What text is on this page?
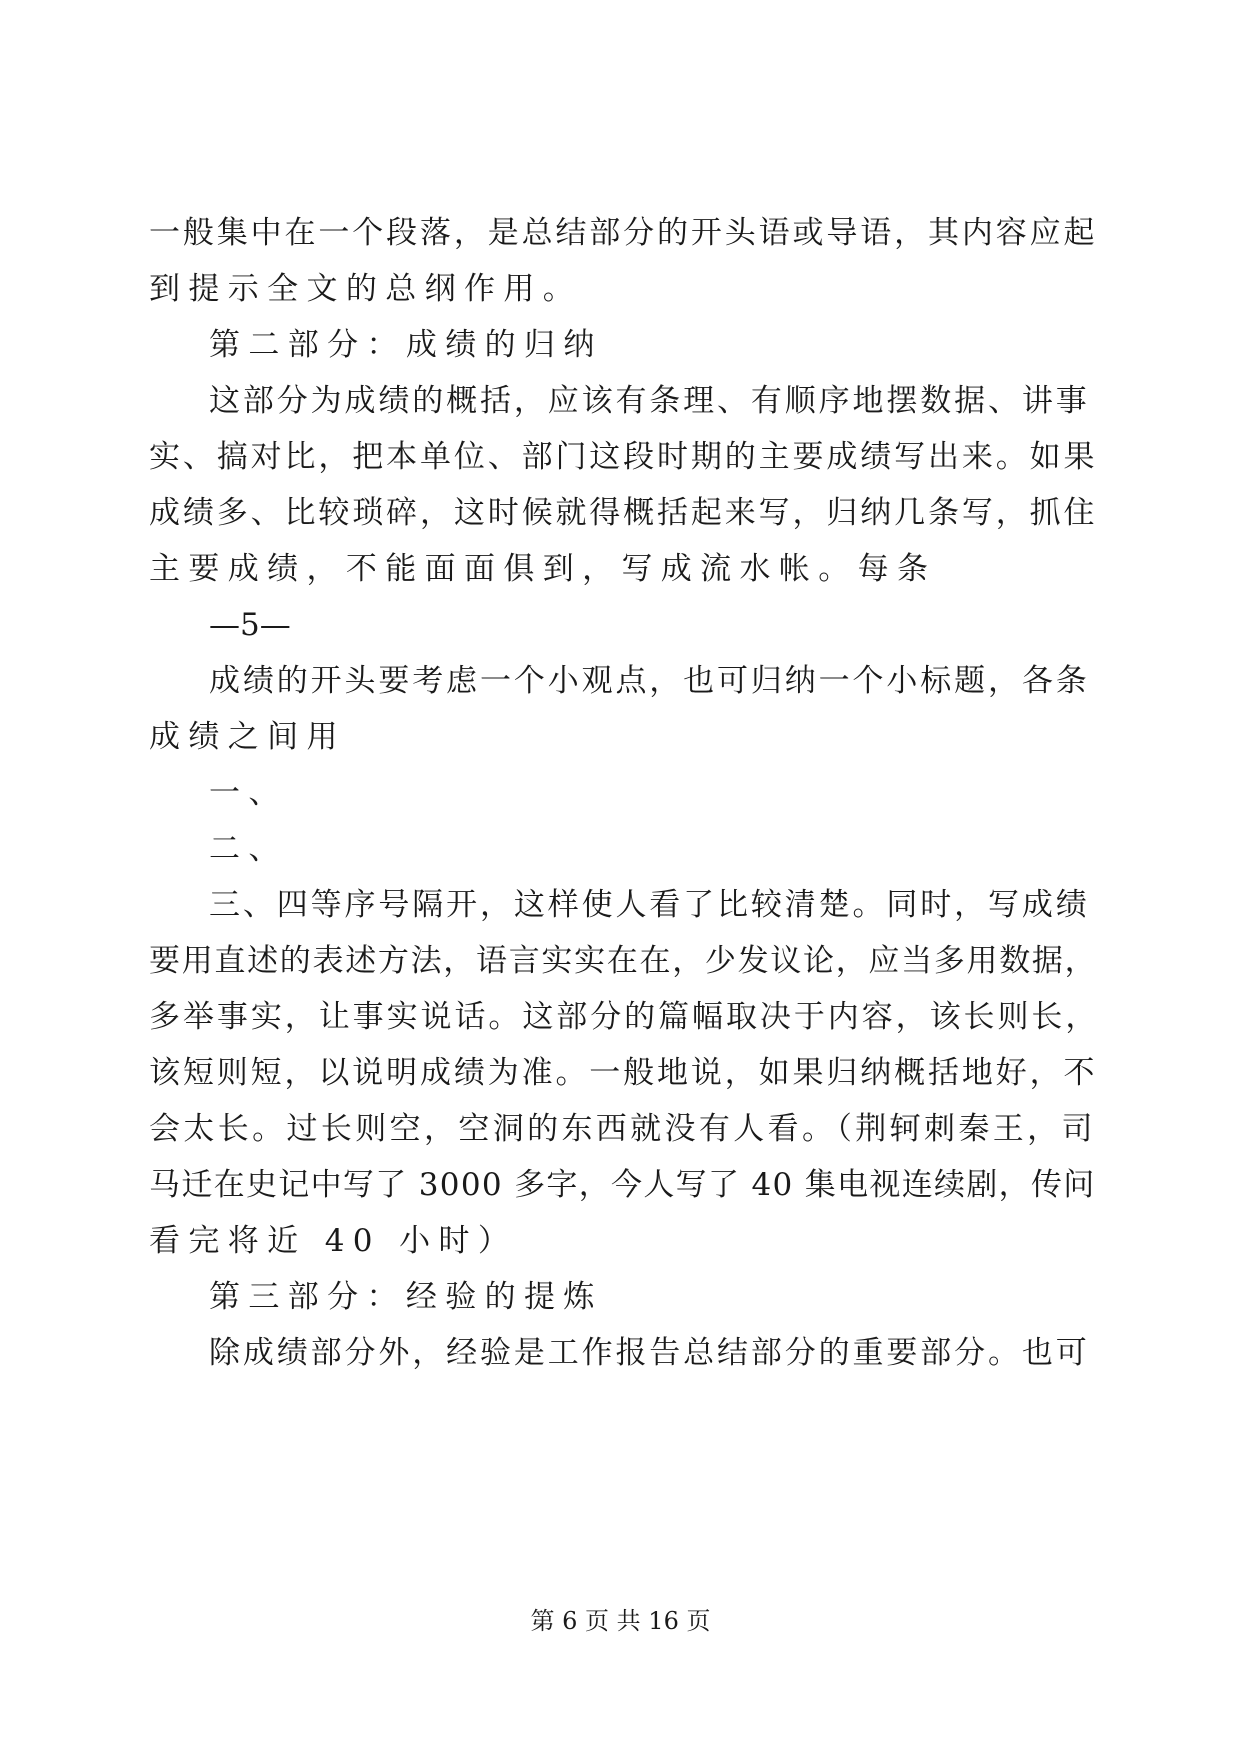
一般集中在一个段落，是总结部分的开头语或导语，其内容应起
到提示全文的总纲作用。
第二部分：成绩的归纳
这部分为成绩的概括，应该有条理、有顺序地摆数据、讲事
实、搞对比，把本单位、部门这段时期的主要成绩写出来。如果
成绩多、比较琐碎，这时候就得概括起来写，归纳几条写，抓住
主要成绩，不能面面俱到，写成流水帐。每条
—5—
成绩的开头要考虑一个小观点，也可归纳一个小标题，各条
成绩之间用
一、
二、
三、四等序号隔开，这样使人看了比较清楚。同时，写成绩
要用直述的表述方法，语言实实在在，少发议论，应当多用数据，
多举事实，让事实说话。这部分的篇幅取决于内容，该长则长，
该短则短，以说明成绩为准。一般地说，如果归纳概括地好，不
会太长。过长则空，空洞的东西就没有人看。（荆轲刺秦王，司
马迁在史记中写了 3000 多字，今人写了 40 集电视连续剧，传问
看完将近 40 小时）
第三部分：经验的提炼
除成绩部分外，经验是工作报告总结部分的重要部分。也可
第 6 页 共 16 页
